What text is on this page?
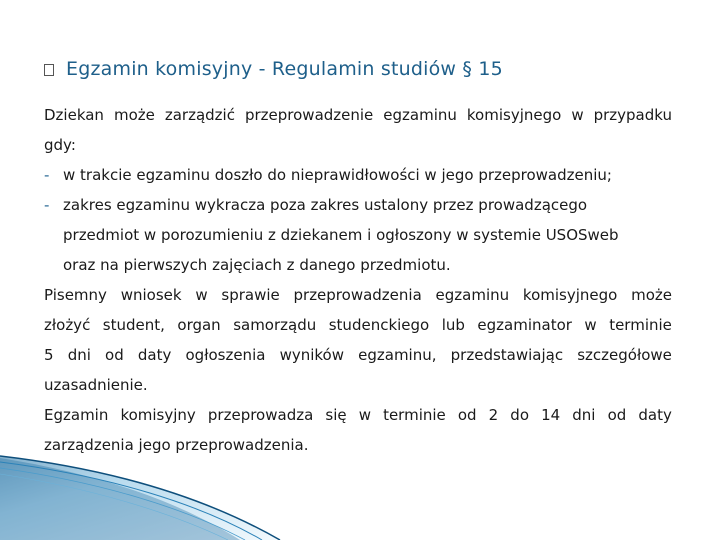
Egzamin komisyjny - Regulamin studiów § 15
Dziekan może zarządzić przeprowadzenie egzaminu komisyjnego w przypadku
gdy:
- w trakcie egzaminu doszło do nieprawidłowości w jego przeprowadzeniu;
- zakres egzaminu wykracza poza zakres ustalony przez prowadzącego
przedmiot w porozumieniu z dziekanem i ogłoszony w systemie USOSweb
oraz na pierwszych zajęciach z danego przedmiotu.
Pisemny wniosek w sprawie przeprowadzenia egzaminu komisyjnego może
złożyć student, organ samorządu studenckiego lub egzaminator w terminie
5 dni od daty ogłoszenia wyników egzaminu, przedstawiając szczegółowe
uzasadnienie.
Egzamin komisyjny przeprowadza się w terminie od 2 do 14 dni od daty
zarządzenia jego przeprowadzenia.
